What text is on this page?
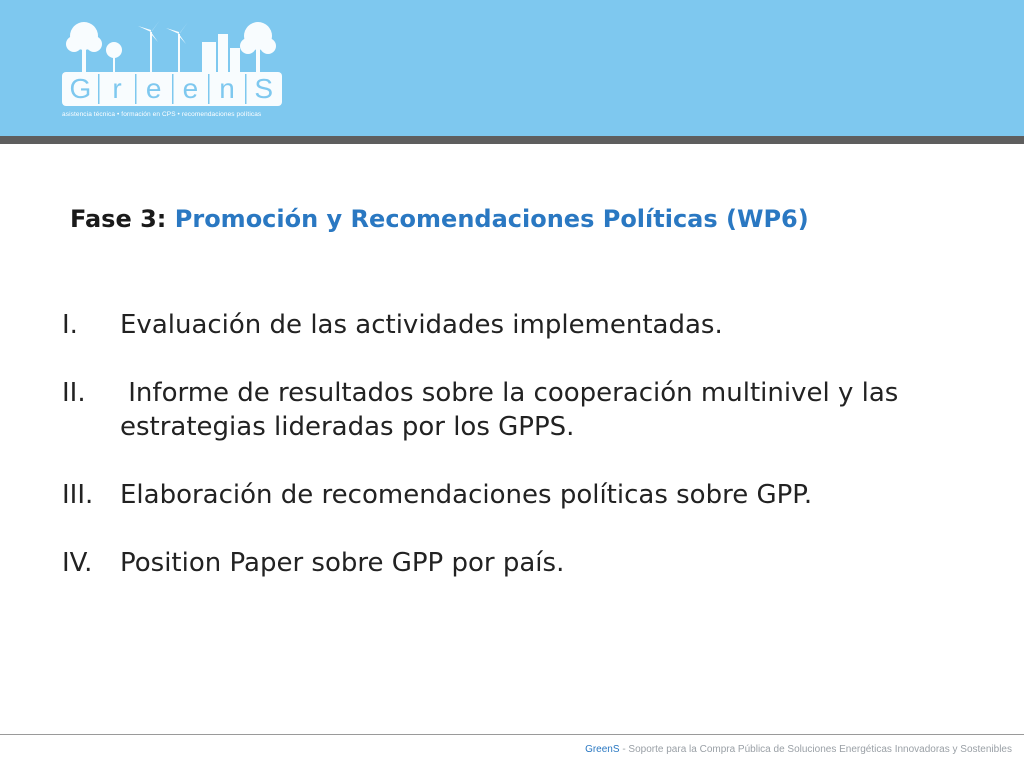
G r e e n S
asistencia técnica • formación en CPS • recomendaciones políticas
Fase 3: Promoción y Recomendaciones Políticas (WP6)
I. Evaluación de las actividades implementadas.
II. Informe de resultados sobre la cooperación multinivel y las estrategias lideradas por los GPPS.
III. Elaboración de recomendaciones políticas sobre GPP.
IV. Position Paper sobre GPP por país.
GreenS - Soporte para la Compra Pública de Soluciones Energéticas Innovadoras y Sostenibles
